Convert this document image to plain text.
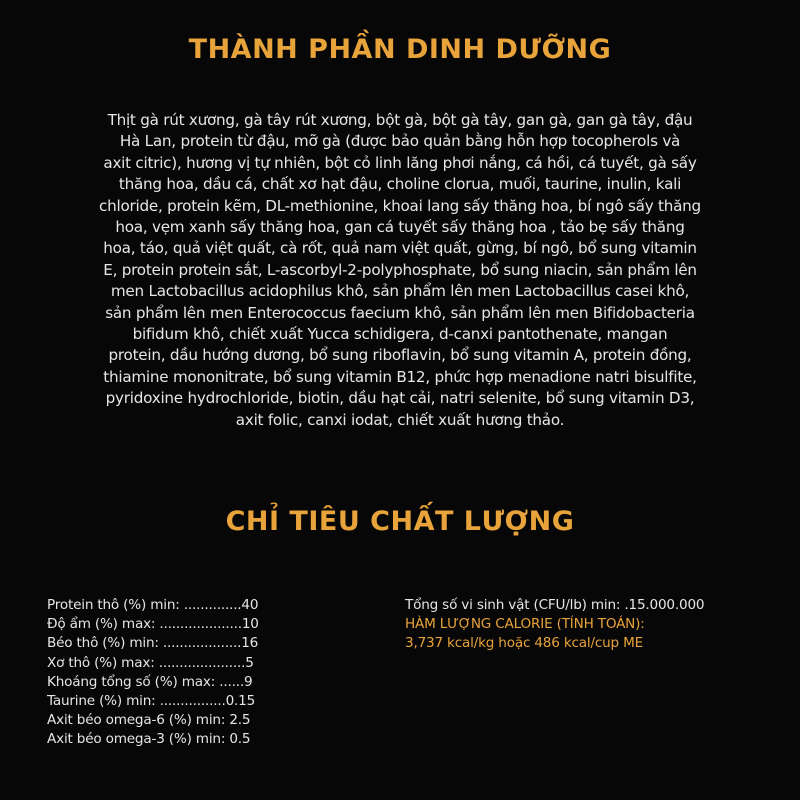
THÀNH PHẦN DINH DƯỠNG
Thịt gà rút xương, gà tây rút xương, bột gà, bột gà tây, gan gà, gan gà tây, đậu
Hà Lan, protein từ đậu, mỡ gà (được bảo quản bằng hỗn hợp tocopherols và
axit citric), hương vị tự nhiên, bột cỏ linh lăng phơi nắng, cá hồi, cá tuyết, gà sấy
thăng hoa, dầu cá, chất xơ hạt đậu, choline clorua, muối, taurine, inulin, kali
chloride, protein kẽm, DL-methionine, khoai lang sấy thăng hoa, bí ngô sấy thăng
hoa, vẹm xanh sấy thăng hoa, gan cá tuyết sấy thăng hoa , tảo bẹ sấy thăng
hoa, táo, quả việt quất, cà rốt, quả nam việt quất, gừng, bí ngô, bổ sung vitamin
E, protein protein sắt, L-ascorbyl-2-polyphosphate, bổ sung niacin, sản phẩm lên
men Lactobacillus acidophilus khô, sản phẩm lên men Lactobacillus casei khô,
sản phẩm lên men Enterococcus faecium khô, sản phẩm lên men Bifidobacteria
bifidum khô, chiết xuất Yucca schidigera, d-canxi pantothenate, mangan
protein, dầu hướng dương, bổ sung riboflavin, bổ sung vitamin A, protein đồng,
thiamine mononitrate, bổ sung vitamin B12, phức hợp menadione natri bisulfite,
pyridoxine hydrochloride, biotin, dầu hạt cải, natri selenite, bổ sung vitamin D3,
axit folic, canxi iodat, chiết xuất hương thảo.
CHỈ TIÊU CHẤT LƯỢNG
Protein thô (%) min: ..............40
Độ ẩm (%) max: ....................10
Béo thô (%) min: ...................16
Xơ thô (%) max: .....................5
Khoáng tổng số (%) max: ......9
Taurine (%) min: ................0.15
Axit béo omega-6 (%) min: 2.5
Axit béo omega-3 (%) min: 0.5
Tổng số vi sinh vật (CFU/lb) min: .15.000.000
HÀM LƯỢNG CALORIE (TÍNH TOÁN):
3,737 kcal/kg hoặc 486 kcal/cup ME
